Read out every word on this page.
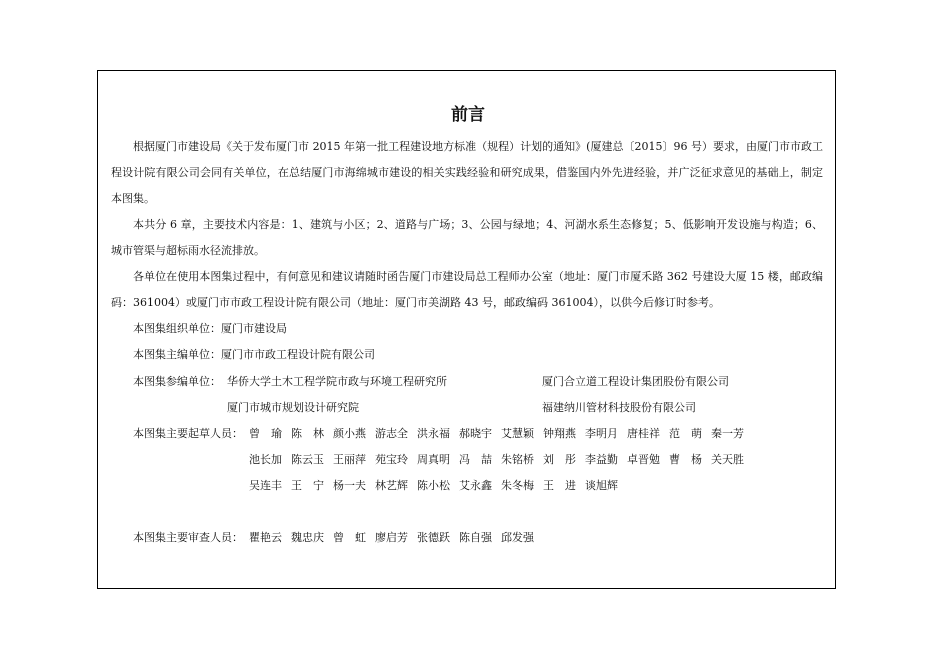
前言

根据厦门市建设局《关于发布厦门市 2015 年第一批工程建设地方标准（规程）计划的通知》(厦建总〔2015〕96 号）要求，由厦门市市政工程设计院有限公司会同有关单位，在总结厦门市海绵城市建设的相关实践经验和研究成果，借鉴国内外先进经验，并广泛征求意见的基础上，制定本图集。

本共分 6 章，主要技术内容是：1、建筑与小区；2、道路与广场；3、公园与绿地；4、河湖水系生态修复；5、低影响开发设施与构造；6、城市管渠与超标雨水径流排放。

各单位在使用本图集过程中，有何意见和建议请随时函告厦门市建设局总工程师办公室（地址：厦门市厦禾路 362 号建设大厦 15 楼，邮政编码：361004）或厦门市市政工程设计院有限公司（地址：厦门市美湖路 43 号，邮政编码 361004），以供今后修订时参考。

本图集组织单位：厦门市建设局
本图集主编单位：厦门市市政工程设计院有限公司
本图集参编单位： 华侨大学土木工程学院市政与环境工程研究所	厦门合立道工程设计集团股份有限公司
厦门市城市规划设计研究院	福建纳川管材科技股份有限公司
本图集主要起草人员： 曾　瑜 陈　林 颜小燕 游志全 洪永福 郝晓宇 艾慧颖 钟翔燕 李明月 唐桂祥 范　萌 秦一芳
池长加 陈云玉 王丽萍 苑宝玲 周真明 冯　喆 朱铭桥 刘　彤 李益勤 卓晋勉 曹　杨 关天胜
吴连丰 王　宁 杨一夫 林艺辉 陈小松 艾永鑫 朱冬梅 王　进 谈旭辉
本图集主要审查人员： 瞿艳云 魏忠庆 曾　虹 廖启芳 张德跃 陈自强 邱发强
